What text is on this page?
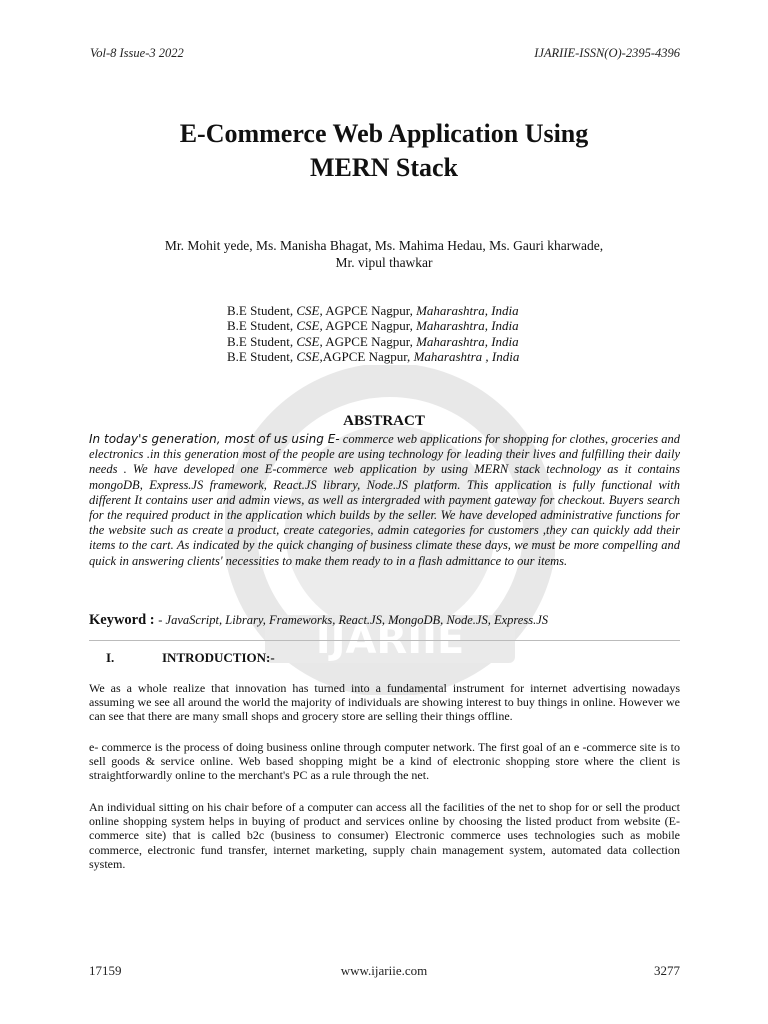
IJARIIE
Vol-8 Issue-3 2022	IJARIIE-ISSN(O)-2395-4396
E-Commerce Web Application Using
MERN Stack
Mr. Mohit yede, Ms. Manisha Bhagat, Ms. Mahima Hedau, Ms. Gauri kharwade,
Mr. vipul thawkar
B.E Student, CSE, AGPCE Nagpur, Maharashtra, India
B.E Student, CSE, AGPCE Nagpur, Maharashtra, India
B.E Student, CSE, AGPCE Nagpur, Maharashtra, India
B.E Student, CSE,AGPCE Nagpur, Maharashtra , India
ABSTRACT
In today's generation, most of us using E- commerce web applications for shopping for clothes, groceries and electronics .in this generation most of the people are using technology for leading their lives and fulfilling their daily needs . We have developed one E-commerce web application by using MERN stack technology as it contains mongoDB, Express.JS framework, React.JS library, Node.JS platform. This application is fully functional with different It contains user and admin views, as well as intergraded with payment gateway for checkout. Buyers search for the required product in the application which builds by the seller. We have developed administrative functions for the website such as create a product, create categories, admin categories for customers ,they can quickly add their items to the cart. As indicated by the quick changing of business climate these days, we must be more compelling and quick in answering clients' necessities to make them ready to in a flash admittance to our items.
Keyword : - JavaScript, Library, Frameworks, React.JS, MongoDB, Node.JS, Express.JS
I.	INTRODUCTION:-
We as a whole realize that innovation has turned into a fundamental instrument for internet advertising nowadays assuming we see all around the world the majority of individuals are showing interest to buy things in online. However we can see that there are many small shops and grocery store are selling their things offline.
e- commerce is the process of doing business online through computer network. The first goal of an e -commerce site is to sell goods & service online. Web based shopping might be a kind of electronic shopping store where the client is straightforwardly online to the merchant's PC as a rule through the net.
An individual sitting on his chair before of a computer can access all the facilities of the net to shop for or sell the product online shopping system helps in buying of product and services online by choosing the listed product from website (E-commerce site) that is called b2c (business to consumer) Electronic commerce uses technologies such as mobile commerce, electronic fund transfer, internet marketing, supply chain management system, automated data collection system.
17159	www.ijariie.com	3277
